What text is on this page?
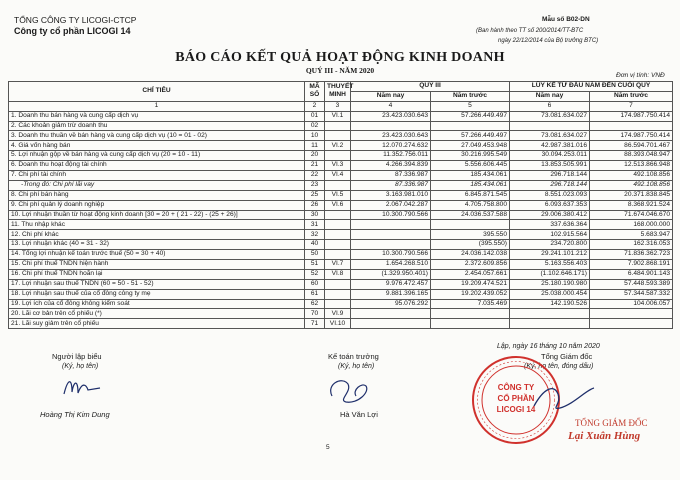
TỔNG CÔNG TY LICOGI-CTCP
Công ty cổ phần LICOGI 14
Mẫu số B02-DN
(Ban hành theo TT số 200/2014/TT-BTC
ngày 22/12/2014 của Bộ trưởng BTC)
BÁO CÁO KẾT QUẢ HOẠT ĐỘNG KINH DOANH
QUÝ III - NĂM 2020
Đơn vị tính: VNĐ
CHỈ TIÊU	MÃ SỐ	THUYẾT MINH	QUÝ III		LŨY KẾ TỪ ĐẦU NĂM ĐẾN CUỐI QUÝ	
			Năm nay	Năm trước	Năm nay	Năm trước
1	2	3	4	5	6	7
1. Doanh thu bán hàng và cung cấp dịch vụ	01	VI.1	23.423.030.643	57.266.449.497	73.081.634.027	174.987.750.414
2. Các khoản giảm trừ doanh thu	02					
3. Doanh thu thuần về bán hàng và cung cấp dịch vụ (10 = 01 - 02)	10		23.423.030.643	57.266.449.497	73.081.634.027	174.987.750.414
4. Giá vốn hàng bán	11	VI.2	12.070.274.632	27.049.453.948	42.987.381.016	86.594.701.467
5. Lợi nhuận gộp về bán hàng và cung cấp dịch vụ (20 = 10 - 11)	20		11.352.756.011	30.216.995.549	30.094.253.011	88.393.048.947
6. Doanh thu hoạt động tài chính	21	VI.3	4.266.394.839	5.556.606.445	13.853.505.991	12.513.866.948
7. Chi phí tài chính	22	VI.4	87.336.987	185.434.061	296.718.144	492.108.856
-Trong đó: Chi phí lãi vay	23		87.336.987	185.434.061	296.718.144	492.108.856
8. Chi phí bán hàng	25	VI.5	3.163.981.010	6.845.871.545	8.551.023.093	20.371.838.845
9. Chi phí quản lý doanh nghiệp	26	VI.6	2.067.042.287	4.705.758.800	6.093.637.353	8.368.921.524
10. Lợi nhuận thuần từ hoạt động kinh doanh [30 = 20 + ( 21 - 22) - (25 + 26)]	30		10.300.790.566	24.036.537.588	29.006.380.412	71.674.046.670
11. Thu nhập khác	31				337.636.364	168.000.000
12. Chi phí khác	32			395.550	102.915.564	5.683.947
13. Lợi nhuận khác (40 = 31 - 32)	40			(395.550)	234.720.800	162.316.053
14. Tổng lợi nhuận kế toán trước thuế (50 = 30 + 40)	50		10.300.790.566	24.036.142.038	29.241.101.212	71.836.362.723
15. Chi phí thuế TNDN hiện hành	51	VI.7	1.654.268.510	2.372.609.856	5.163.556.403	7.902.868.191
16. Chi phí thuế TNDN hoãn lại	52	VI.8	(1.329.950.401)	2.454.057.661	(1.102.646.171)	6.484.901.143
17. Lợi nhuận sau thuế TNDN (60 = 50 - 51 - 52)	60		9.976.472.457	19.209.474.521	25.180.190.980	57.448.593.389
18. Lợi nhuận sau thuế của cổ đông công ty mẹ	61		9.881.396.165	19.202.439.052	25.038.000.454	57.344.587.332
19. Lợi ích của cổ đông không kiểm soát	62		95.076.292	7.035.469	142.190.526	104.006.057
20. Lãi cơ bản trên cổ phiếu (*)	70	VI.9				
21. Lãi suy giảm trên cổ phiếu	71	VI.10				
Lập, ngày 16 tháng 10 năm 2020
Người lập biểu
(Ký, họ tên)
Hoàng Thị Kim Dung
Kế toán trưởng
(Ký, họ tên)
Hà Văn Lợi
Tổng Giám đốc
(Ký, họ tên, đóng dấu)
CÔNG TY
CỔ PHẦN
LICOGI 14
TỔNG GIÁM ĐỐC
Lại Xuân Hùng
5
